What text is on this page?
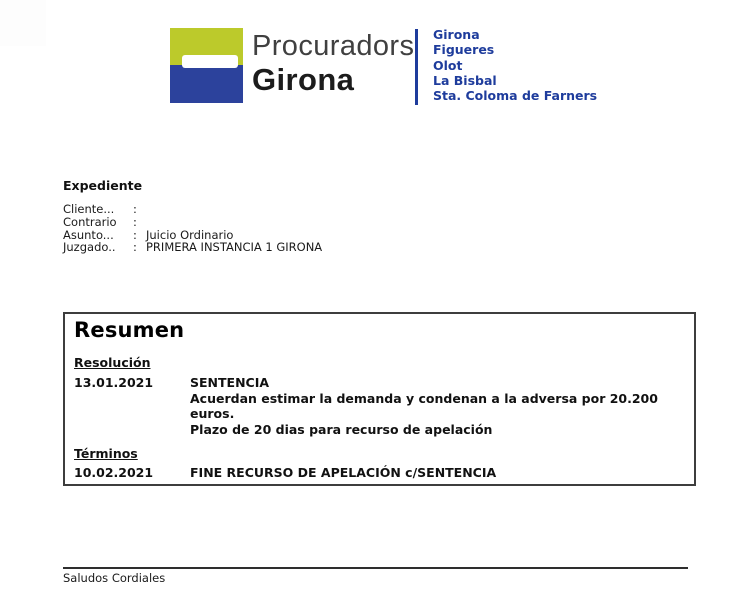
Procuradors
Girona
Girona
Figueres
Olot
La Bisbal
Sta. Coloma de Farners
Expediente
Cliente...	:
Contrario	:
Asunto...	: Juicio Ordinario
Juzgado..	: PRIMERA INSTANCIA 1 GIRONA
Resumen
Resolución
13.01.2021	SENTENCIA
Acuerdan estimar la demanda y condenan a la adversa por 20.200 euros.
Plazo de 20 dias para recurso de apelación
Términos
10.02.2021	FINE RECURSO DE APELACIÓN c/SENTENCIA
Saludos Cordiales
